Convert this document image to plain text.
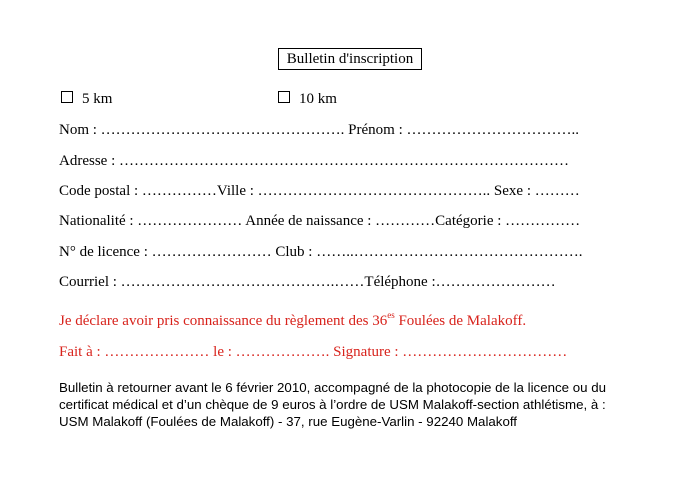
Bulletin d'inscription
5 km	10 km
Nom : …………………………………………. Prénom : ……………………………..
Adresse : ………………………………………………………………………………
Code postal : ……………Ville : ……………………………………….. Sexe : ………
Nationalité : ………………… Année de naissance : …………Catégorie : ……………
N° de licence : …………………… Club : ……..……………………………………….
Courriel : …………………………………….……Téléphone :……………………
Je déclare avoir pris connaissance du règlement des $36^{es}$ Foulées de Malakoff.
Fait à : ………………… le : ………………. Signature : ……………………………
Bulletin à retourner avant le 6 février 2010, accompagné de la photocopie de la licence ou du
certificat médical et d’un chèque de 9 euros à l’ordre de USM Malakoff-section athlétisme, à :
USM Malakoff (Foulées de Malakoff) - 37, rue Eugène-Varlin - 92240 Malakoff
